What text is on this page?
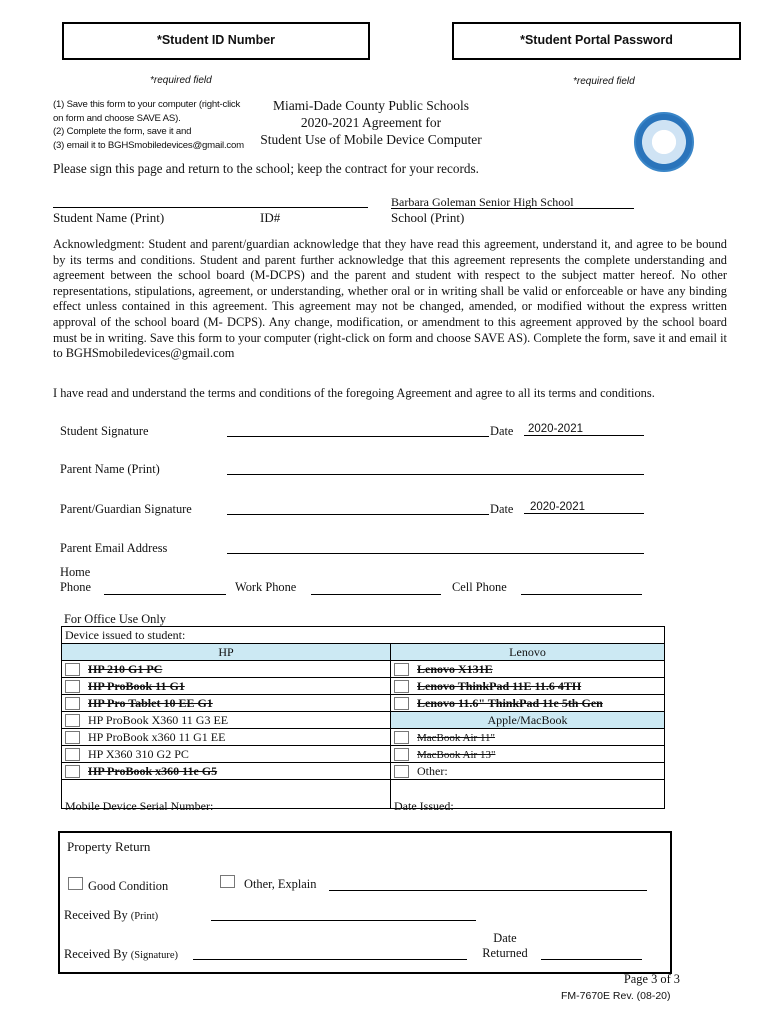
*Student ID Number
*required field
*Student Portal Password
*required field
(1) Save this form to your computer (right-click
on form and choose SAVE AS).
(2) Complete the form, save it and
(3) email it to BGHSmobiledevices@gmail.com
Miami-Dade County Public Schools
2020-2021 Agreement for
Student Use of Mobile Device Computer
Please sign this page and return to the school; keep the contract for your records.
Student Name (Print)	ID#
Barbara Goleman Senior High School
School (Print)
Acknowledgment: Student and parent/guardian acknowledge that they have read this agreement, understand it, and agree to be bound by its terms and conditions. Student and parent further acknowledge that this agreement represents the complete understanding and agreement between the school board (M-DCPS) and the parent and student with respect to the subject matter hereof. No other representations, stipulations, agreement, or understanding, whether oral or in writing shall be valid or enforceable or have any binding effect unless contained in this agreement. This agreement may not be changed, amended, or modified without the express written approval of the school board (M- DCPS). Any change, modification, or amendment to this agreement approved by the school board must be in writing. Save this form to your computer (right-click on form and choose SAVE AS). Complete the form, save it and email it to BGHSmobiledevices@gmail.com
I have read and understand the terms and conditions of the foregoing Agreement and agree to all its terms and conditions.
Student Signature	Date	2020-2021
Parent Name (Print)
Parent/Guardian Signature	Date	2020-2021
Parent Email Address
Home
Phone	Work Phone	Cell Phone
For Office Use Only
Device issued to student:	
HP	Lenovo
HP 210 G1 PC	Lenovo X131E
HP ProBook 11 G1	Lenovo ThinkPad 11E 11.6 4TH
HP Pro Tablet 10 EE G1	Lenovo 11.6" ThinkPad 11e 5th Gen
HP ProBook X360 11 G3 EE	Apple/MacBook
HP ProBook x360 11 G1 EE	MacBook Air 11"
HP X360 310 G2 PC	MacBook Air 13"
HP ProBook x360 11e G5	Other:
Mobile Device Serial Number:	Date Issued:
Property Return
Good Condition	Other, Explain
Received By (Print)
Received By (Signature)
Date
Returned
Page 3 of 3
FM-7670E Rev. (08-20)
